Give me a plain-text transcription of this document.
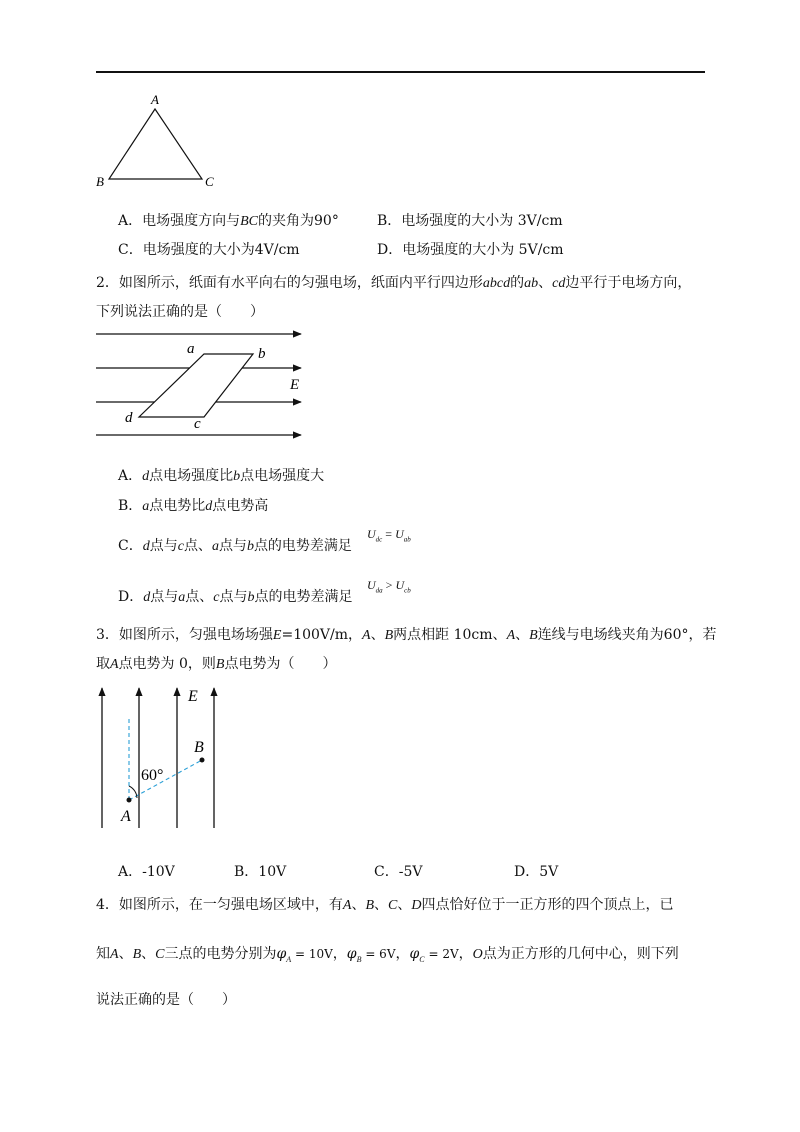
A
B	C
A．电场强度方向与BC的夹角为90°	B．电场强度的大小为 3V/cm
C．电场强度的大小为4V/cm	D．电场强度的大小为 5V/cm
2．如图所示，纸面有水平向右的匀强电场，纸面内平行四边形abcd的ab、cd边平行于电场方向，
下列说法正确的是（　　）
a	b
E
d	c
A．d点电场强度比b点电场强度大
B．a点电势比d点电势高
C．d点与c点、a点与b点的电势差满足
$U_{dc} = U_{ab}$
D．d点与a点、c点与b点的电势差满足
$U_{da} > U_{cb}$
3．如图所示，匀强电场场强E=100V/m，A、B两点相距 10cm、A、B连线与电场线夹角为60°，若
取A点电势为 0，则B点电势为（　　）
E
B
60°
A
A．-10V	B．10V	C．-5V	D．5V
4．如图所示，在一匀强电场区域中，有A、B、C、D四点恰好位于一正方形的四个顶点上，已
知A、B、C三点的电势分别为$\varphi_A = 10V$，$\varphi_B = 6V$，$\varphi_C = 2V$，O点为正方形的几何中心，则下列
说法正确的是（　　）
